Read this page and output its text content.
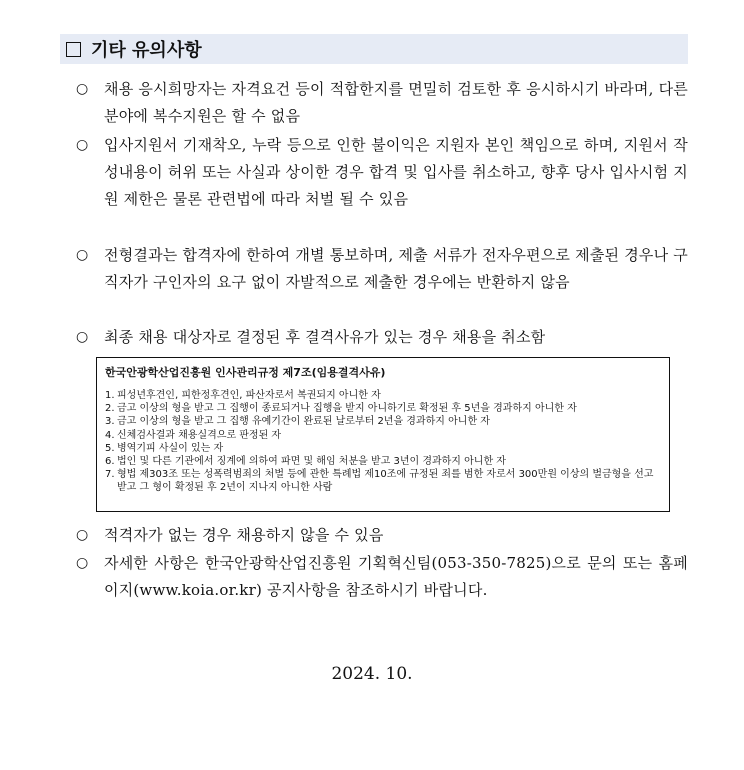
기타 유의사항
○ 채용 응시희망자는 자격요건 등이 적합한지를 면밀히 검토한 후 응시하시기 바라며, 다른 분야에 복수지원은 할 수 없음
○ 입사지원서 기재착오, 누락 등으로 인한 불이익은 지원자 본인 책임으로 하며, 지원서 작성내용이 허위 또는 사실과 상이한 경우 합격 및 입사를 취소하고, 향후 당사 입사시험 지원 제한은 물론 관련법에 따라 처벌 될 수 있음
○ 전형결과는 합격자에 한하여 개별 통보하며, 제출 서류가 전자우편으로 제출된 경우나 구직자가 구인자의 요구 없이 자발적으로 제출한 경우에는 반환하지 않음
○ 최종 채용 대상자로 결정된 후 결격사유가 있는 경우 채용을 취소함
한국안광학산업진흥원 인사관리규정 제7조(임용결격사유)
1. 피성년후견인, 피한정후견인, 파산자로서 복권되지 아니한 자
2. 금고 이상의 형을 받고 그 집행이 종료되거나 집행을 받지 아니하기로 확정된 후 5년을 경과하지 아니한 자
3. 금고 이상의 형을 받고 그 집행 유예기간이 완료된 날로부터 2년을 경과하지 아니한 자
4. 신체검사결과 채용실격으로 판정된 자
5. 병역기피 사실이 있는 자
6. 법인 및 다른 기관에서 징계에 의하여 파면 및 해임 처분을 받고 3년이 경과하지 아니한 자
7. 형법 제303조 또는 성폭력범죄의 처벌 등에 관한 특례법 제10조에 규정된 죄를 범한 자로서 300만원 이상의 벌금형을 선고받고 그 형이 확정된 후 2년이 지나지 아니한 사람
○ 적격자가 없는 경우 채용하지 않을 수 있음
○ 자세한 사항은 한국안광학산업진흥원 기획혁신팀(053-350-7825)으로 문의 또는 홈페이지(www.koia.or.kr) 공지사항을 참조하시기 바랍니다.
2024. 10.
